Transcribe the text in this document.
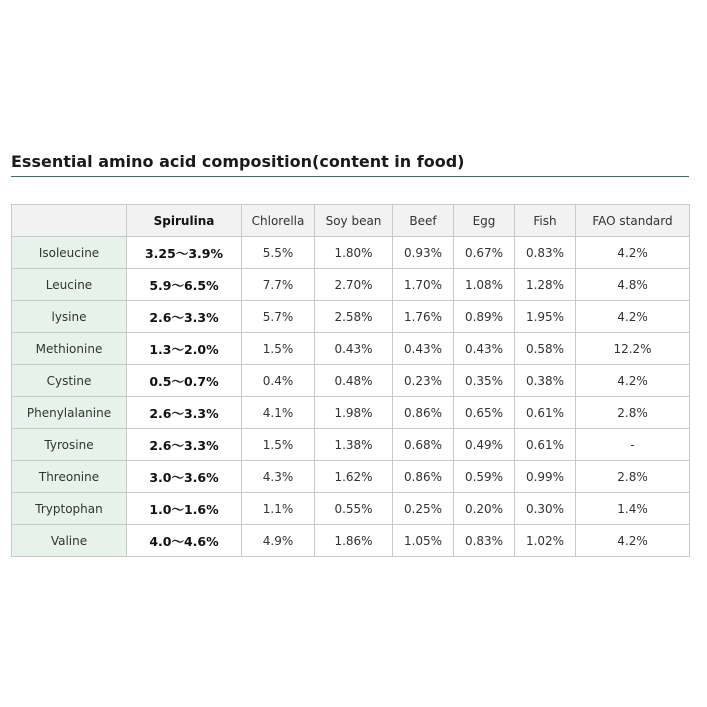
Essential amino acid composition(content in food)
	Spirulina	Chlorella	Soy bean	Beef	Egg	Fish	FAO standard
Isoleucine	3.25～3.9%	5.5%	1.80%	0.93%	0.67%	0.83%	4.2%
Leucine	5.9～6.5%	7.7%	2.70%	1.70%	1.08%	1.28%	4.8%
lysine	2.6～3.3%	5.7%	2.58%	1.76%	0.89%	1.95%	4.2%
Methionine	1.3～2.0%	1.5%	0.43%	0.43%	0.43%	0.58%	12.2%
Cystine	0.5～0.7%	0.4%	0.48%	0.23%	0.35%	0.38%	4.2%
Phenylalanine	2.6～3.3%	4.1%	1.98%	0.86%	0.65%	0.61%	2.8%
Tyrosine	2.6～3.3%	1.5%	1.38%	0.68%	0.49%	0.61%	-
Threonine	3.0～3.6%	4.3%	1.62%	0.86%	0.59%	0.99%	2.8%
Tryptophan	1.0～1.6%	1.1%	0.55%	0.25%	0.20%	0.30%	1.4%
Valine	4.0～4.6%	4.9%	1.86%	1.05%	0.83%	1.02%	4.2%
